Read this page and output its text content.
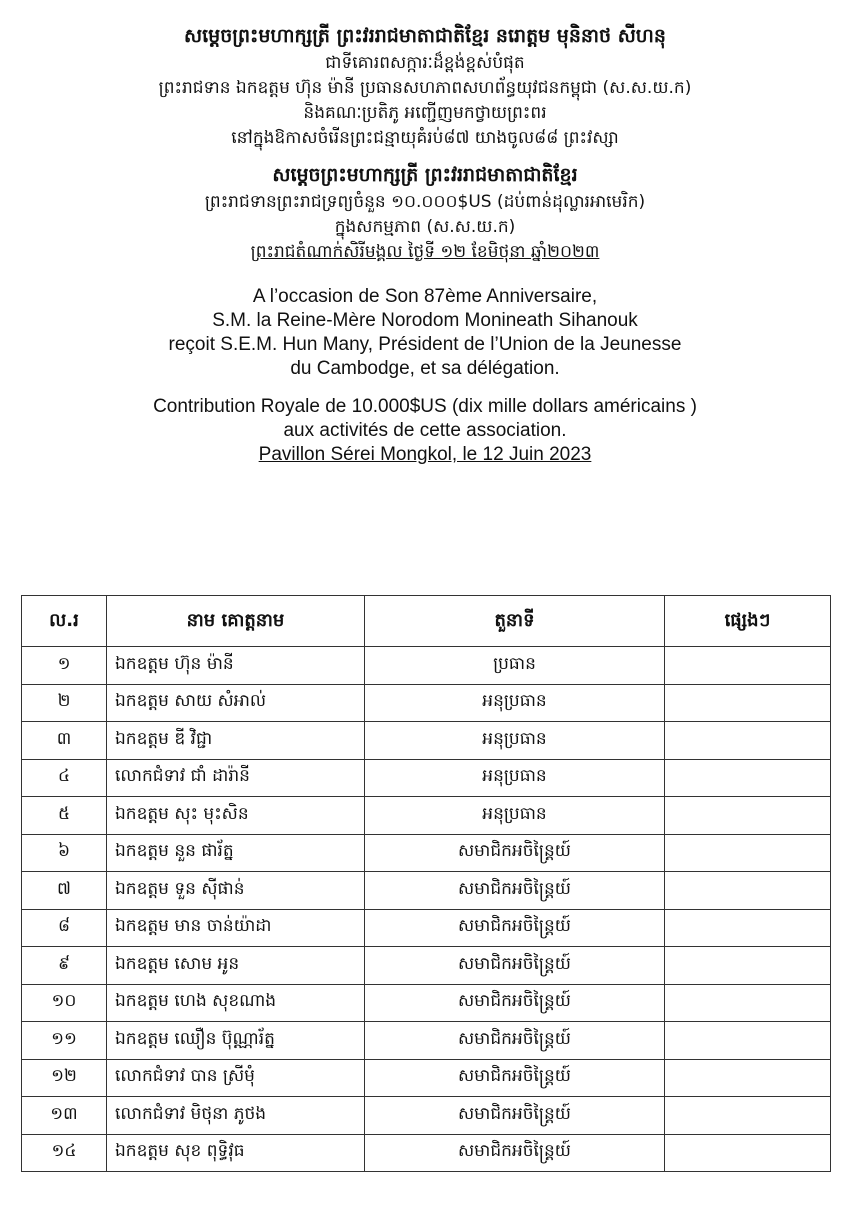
សម្តេចព្រះមហាក្សត្រី ព្រះវររាជមាតាជាតិខ្មែរ នរោត្តម មុនិនាថ សីហនុ
ជាទីគោរពសក្ការៈដ៏ខ្ពង់ខ្ពស់បំផុត
ព្រះរាជទាន ឯកឧត្តម ហ៊ុន ម៉ានី ប្រធានសហភាពសហព័ន្ធយុវជនកម្ពុជា (ស.ស.យ.ក)
និងគណៈប្រតិភូ អញ្ជើញមកថ្វាយព្រះពរ
នៅក្នុងឱកាសចំរើនព្រះជន្មាយុគំរប់៨៧ យាងចូល៨៨ ព្រះវស្សា
សម្តេចព្រះមហាក្សត្រី ព្រះវររាជមាតាជាតិខ្មែរ
ព្រះរាជទានព្រះរាជទ្រព្យចំនួន ១០.០០០$US (ដប់ពាន់ដុល្លារអាមេរិក)
ក្នុងសកម្មភាព (ស.ស.យ.ក)
ព្រះរាជតំណាក់សិរីមង្គល ថ្ងៃទី ១២ ខែមិថុនា ឆ្នាំ២០២៣
A l’occasion de Son 87ème Anniversaire,
S.M. la Reine-Mère Norodom Monineath Sihanouk
reçoit S.E.M. Hun Many, Président de l’Union de la Jeunesse
du Cambodge, et sa délégation.
Contribution Royale de 10.000$US (dix mille dollars américains )
aux activités de cette association.
Pavillon Sérei Mongkol, le 12 Juin 2023
ល.រ	នាម គោត្តនាម	តួនាទី	ផ្សេងៗ
១	ឯកឧត្តម ហ៊ុន ម៉ានី	ប្រធាន	
២	ឯកឧត្តម សាយ សំអាល់	អនុប្រធាន	
៣	ឯកឧត្តម ឌី វិជ្ជា	អនុប្រធាន	
៤	លោកជំទាវ ជាំ ដារ៉ានី	អនុប្រធាន	
៥	ឯកឧត្តម សុះ មុះសិន	អនុប្រធាន	
៦	ឯកឧត្តម នួន ផារ័ត្ន	សមាជិកអចិន្ត្រៃយ៍	
៧	ឯកឧត្តម ទួន ស៊ីផាន់	សមាជិកអចិន្ត្រៃយ៍	
៨	ឯកឧត្តម មាន ចាន់យ៉ាដា	សមាជិកអចិន្ត្រៃយ៍	
៩	ឯកឧត្តម សោម អូន	សមាជិកអចិន្ត្រៃយ៍	
១០	ឯកឧត្តម ហេង សុខណាង	សមាជិកអចិន្ត្រៃយ៍	
១១	ឯកឧត្តម ឈឿន ប៊ុណ្ណារ័ត្ន	សមាជិកអចិន្ត្រៃយ៍	
១២	លោកជំទាវ បាន ស្រីមុំ	សមាជិកអចិន្ត្រៃយ៍	
១៣	លោកជំទាវ មិថុនា ភូថង	សមាជិកអចិន្ត្រៃយ៍	
១៤	ឯកឧត្តម សុខ ពុទ្ធិវុធ	សមាជិកអចិន្ត្រៃយ៍	
